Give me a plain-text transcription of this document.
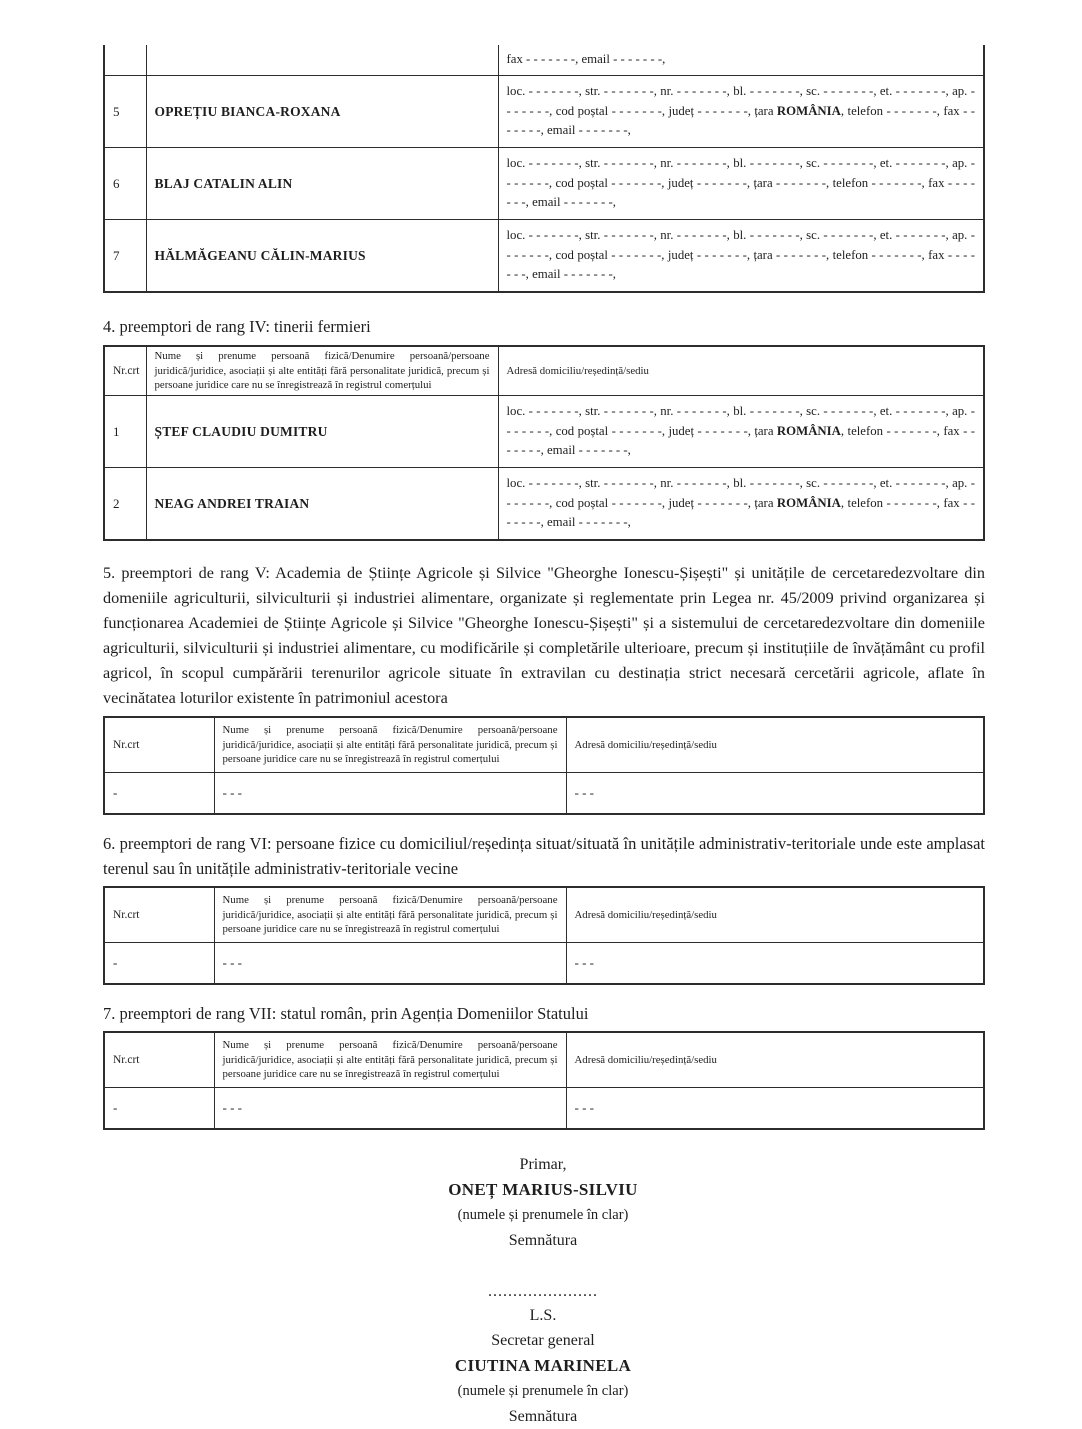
		fax - - - - - - -, email - - - - - - -,
5	OPREȚIU BIANCA-ROXANA	loc. - - - - - - -, str. - - - - - - -, nr. - - - - - - -, bl. - - - - - - -, sc. - - - - - - -, et. - - - - - - -, ap. - - - - - - -, cod poștal - - - - - - -, județ - - - - - - -, țara ROMÂNIA, telefon - - - - - - -, fax - - - - - - -, email - - - - - - -,
6	BLAJ CATALIN ALIN	loc. - - - - - - -, str. - - - - - - -, nr. - - - - - - -, bl. - - - - - - -, sc. - - - - - - -, et. - - - - - - -, ap. - - - - - - -, cod poștal - - - - - - -, județ - - - - - - -, țara - - - - - - -, telefon - - - - - - -, fax - - - - - - -, email - - - - - - -,
7	HĂLMĂGEANU CĂLIN-MARIUS	loc. - - - - - - -, str. - - - - - - -, nr. - - - - - - -, bl. - - - - - - -, sc. - - - - - - -, et. - - - - - - -, ap. - - - - - - -, cod poștal - - - - - - -, județ - - - - - - -, țara - - - - - - -, telefon - - - - - - -, fax - - - - - - -, email - - - - - - -,
4. preemptori de rang IV: tinerii fermieri
Nr.crt	Nume și prenume persoană fizică/Denumire persoană/persoane juridică/juridice, asociații și alte entități fără personalitate juridică, precum și persoane juridice care nu se înregistrează în registrul comerțului	Adresă domiciliu/reședință/sediu
1	ȘTEF CLAUDIU DUMITRU	loc. - - - - - - -, str. - - - - - - -, nr. - - - - - - -, bl. - - - - - - -, sc. - - - - - - -, et. - - - - - - -, ap. - - - - - - -, cod poștal - - - - - - -, județ - - - - - - -, țara ROMÂNIA, telefon - - - - - - -, fax - - - - - - -, email - - - - - - -,
2	NEAG ANDREI TRAIAN	loc. - - - - - - -, str. - - - - - - -, nr. - - - - - - -, bl. - - - - - - -, sc. - - - - - - -, et. - - - - - - -, ap. - - - - - - -, cod poștal - - - - - - -, județ - - - - - - -, țara ROMÂNIA, telefon - - - - - - -, fax - - - - - - -, email - - - - - - -,
5. preemptori de rang V: Academia de Științe Agricole și Silvice "Gheorghe Ionescu-Șișești" și unitățile de cercetaredezvoltare din domeniile agriculturii, silviculturii și industriei alimentare, organizate și reglementate prin Legea nr. 45/2009 privind organizarea și funcționarea Academiei de Științe Agricole și Silvice "Gheorghe Ionescu-Șișești" și a sistemului de cercetaredezvoltare din domeniile agriculturii, silviculturii și industriei alimentare, cu modificările și completările ulterioare, precum și instituțiile de învățământ cu profil agricol, în scopul cumpărării terenurilor agricole situate în extravilan cu destinația strict necesară cercetării agricole, aflate în vecinătatea loturilor existente în patrimoniul acestora
Nr.crt	Nume și prenume persoană fizică/Denumire persoană/persoane juridică/juridice, asociații și alte entități fără personalitate juridică, precum și persoane juridice care nu se înregistrează în registrul comerțului	Adresă domiciliu/reședință/sediu
-	- - -	- - -
6. preemptori de rang VI: persoane fizice cu domiciliul/reședința situat/situată în unitățile administrativ-teritoriale unde este amplasat terenul sau în unitățile administrativ-teritoriale vecine
Nr.crt	Nume și prenume persoană fizică/Denumire persoană/persoane juridică/juridice, asociații și alte entități fără personalitate juridică, precum și persoane juridice care nu se înregistrează în registrul comerțului	Adresă domiciliu/reședință/sediu
-	- - -	- - -
7. preemptori de rang VII: statul român, prin Agenția Domeniilor Statului
Nr.crt	Nume și prenume persoană fizică/Denumire persoană/persoane juridică/juridice, asociații și alte entități fără personalitate juridică, precum și persoane juridice care nu se înregistrează în registrul comerțului	Adresă domiciliu/reședință/sediu
-	- - -	- - -
Primar,
ONEȚ MARIUS-SILVIU
(numele și prenumele în clar)
Semnătura
......................
L.S.
Secretar general
CIUTINA MARINELA
(numele și prenumele în clar)
Semnătura
